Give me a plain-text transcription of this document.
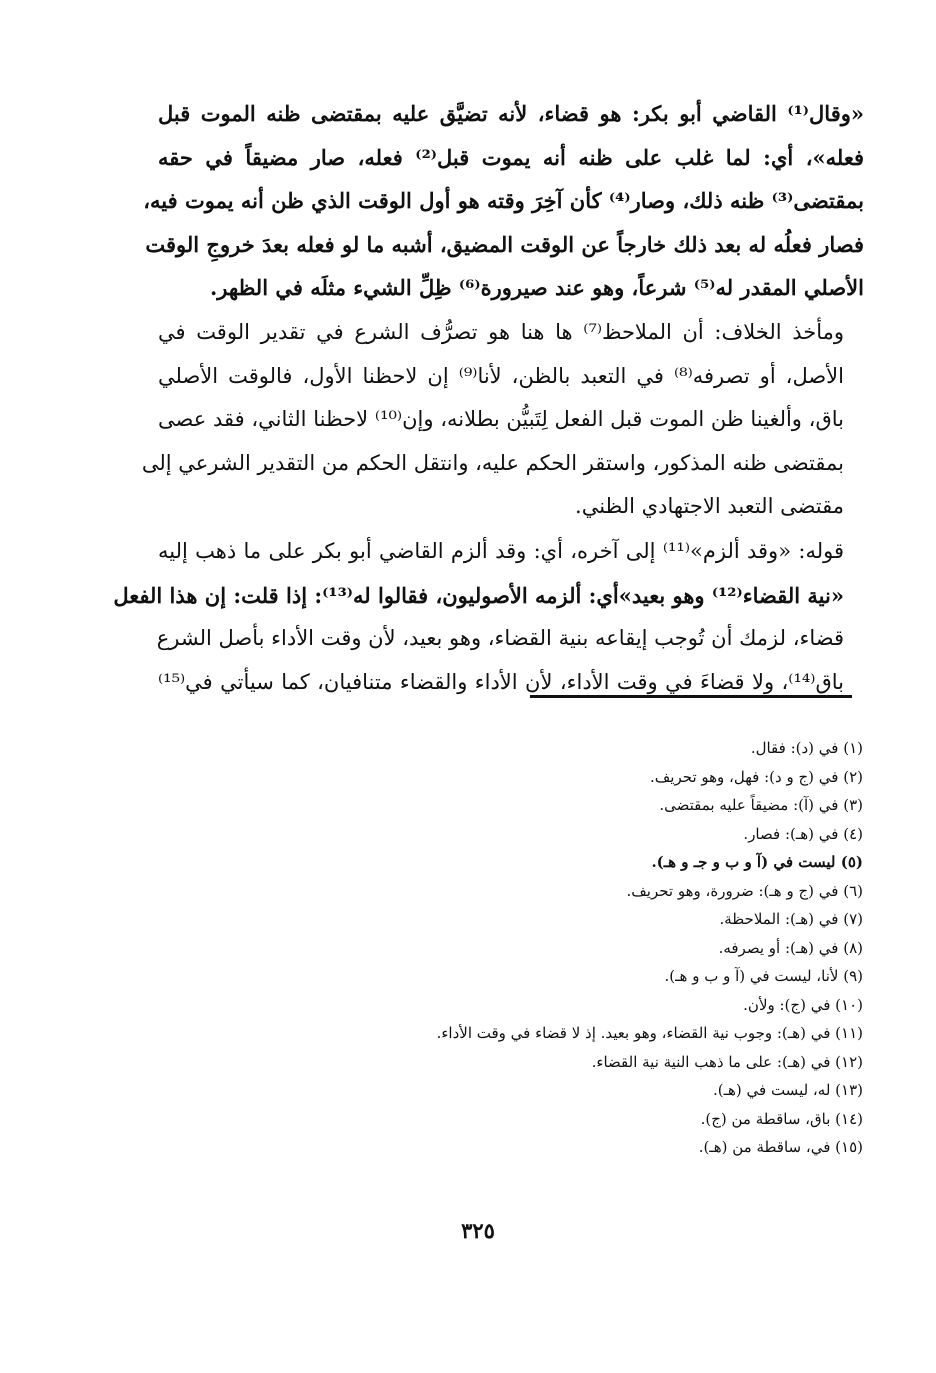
«وقال⁽¹⁾ القاضي أبو بكر: هو قضاء، لأنه تضيَّق عليه بمقتضى ظنه الموت قبل
فعله»، أي: لما غلب على ظنه أنه يموت قبل⁽²⁾ فعله، صار مضيقاً في حقه
بمقتضى⁽³⁾ ظنه ذلك، وصار⁽⁴⁾ كأن آخِرَ وقته هو أول الوقت الذي ظن أنه يموت فيه،
فصار فعلُه له بعد ذلك خارجاً عن الوقت المضيق، أشبه ما لو فعله بعدَ خروجِ الوقت
الأصلي المقدر له⁽⁵⁾ شرعاً، وهو عند صيرورة⁽⁶⁾ ظِلِّ الشيء مثلَه في الظهر.

ومأخذ الخلاف: أن الملاحظ⁽⁷⁾ ها هنا هو تصرُّف الشرع في تقدير الوقت في
الأصل، أو تصرفه⁽⁸⁾ في التعبد بالظن، لأنا⁽⁹⁾ إن لاحظنا الأول، فالوقت الأصلي
باق، وألغينا ظن الموت قبل الفعل لِتَبيُّن بطلانه، وإن⁽¹⁰⁾ لاحظنا الثاني، فقد عصى
بمقتضى ظنه المذكور، واستقر الحكم عليه، وانتقل الحكم من التقدير الشرعي إلى
مقتضى التعبد الاجتهادي الظني.

قوله: «وقد ألزم»⁽¹¹⁾ إلى آخره، أي: وقد ألزم القاضي أبو بكر على ما ذهب إليه
«نية القضاء⁽¹²⁾ وهو بعيد»أي: ألزمه الأصوليون، فقالوا له⁽¹³⁾: إذا قلت: إن هذا الفعل
قضاء، لزمك أن تُوجب إيقاعه بنية القضاء، وهو بعيد، لأن وقت الأداء بأصل الشرع
باق⁽¹⁴⁾، ولا قضاءَ في وقت الأداء، لأن الأداء والقضاء متنافيان، كما سيأتي في⁽¹⁵⁾

(١) في (د): فقال.
(٢) في (ج و د): فهل، وهو تحريف.
(٣) في (آ): مضيقاً عليه بمقتضى.
(٤) في (هـ): فصار.
(٥) ليست في (آ و ب و جـ و هـ).
(٦) في (ج و هـ): ضرورة، وهو تحريف.
(٧) في (هـ): الملاحظة.
(٨) في (هـ): أو يصرفه.
(٩) لأنا، ليست في (آ و ب و هـ).
(١٠) في (ج): ولأن.
(١١) في (هـ): وجوب نية القضاء، وهو بعيد. إذ لا قضاء في وقت الأداء.
(١٢) في (هـ): على ما ذهب النية نية القضاء.
(١٣) له، ليست في (هـ).
(١٤) باق، ساقطة من (ج).
(١٥) في، ساقطة من (هـ).
٣٢٥
